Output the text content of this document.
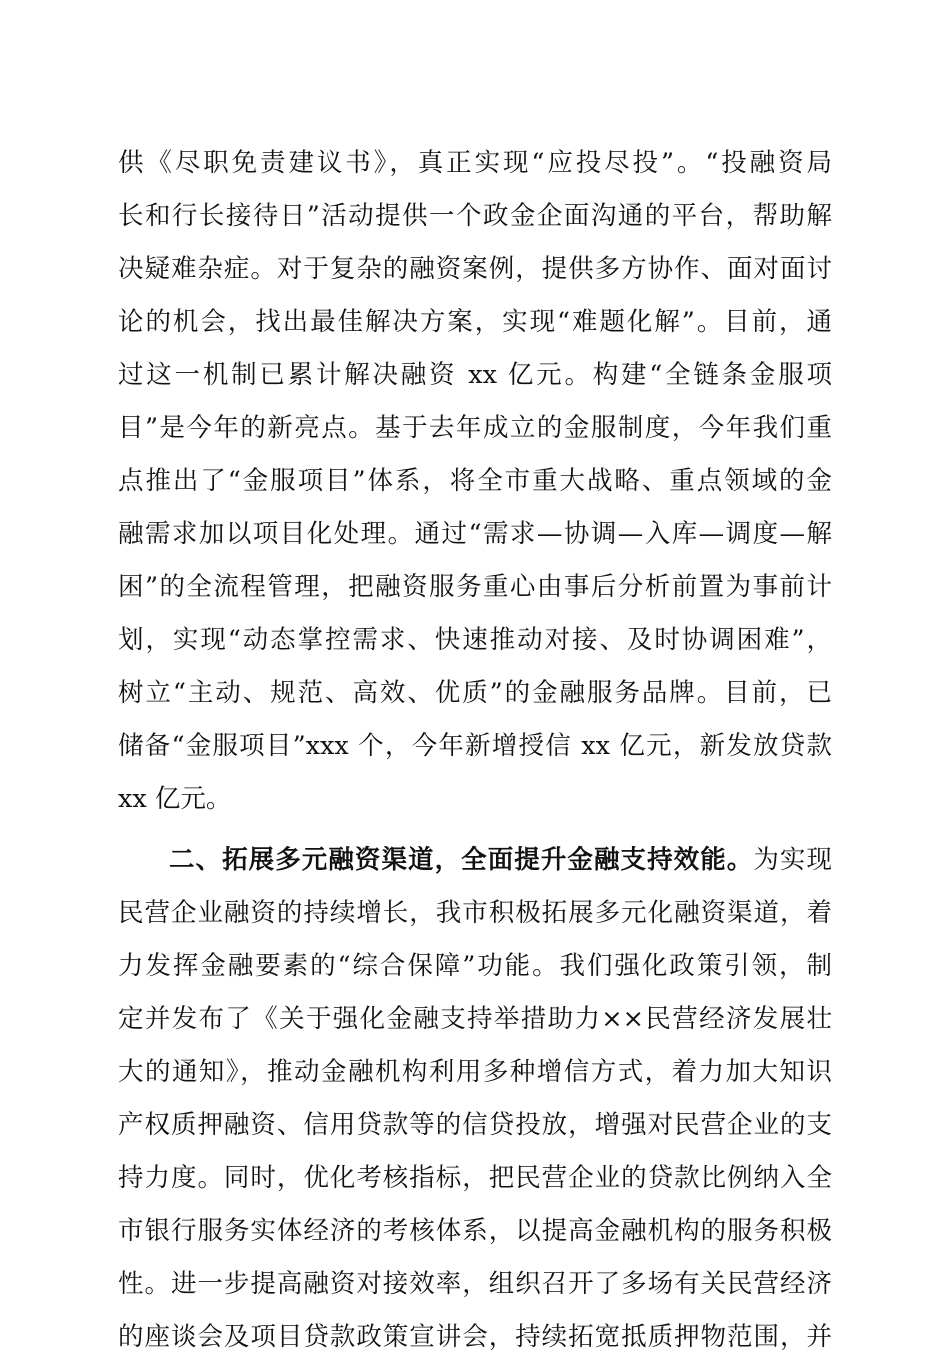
供《尽职免责建议书》，真正实现“应投尽投”。“投融资局
长和行长接待日”活动提供一个政金企面沟通的平台，帮助解
决疑难杂症。对于复杂的融资案例，提供多方协作、面对面讨
论的机会，找出最佳解决方案，实现“难题化解”。目前，通
过这一机制已累计解决融资 xx 亿元。构建“全链条金服项
目”是今年的新亮点。基于去年成立的金服制度，今年我们重
点推出了“金服项目”体系，将全市重大战略、重点领域的金
融需求加以项目化处理。通过“需求—协调—入库—调度—解
困”的全流程管理，把融资服务重心由事后分析前置为事前计
划，实现“动态掌控需求、快速推动对接、及时协调困难”，
树立“主动、规范、高效、优质”的金融服务品牌。目前，已
储备“金服项目”xxx 个，今年新增授信 xx 亿元，新发放贷款
xx 亿元。
二、拓展多元融资渠道，全面提升金融支持效能。为实现
民营企业融资的持续增长，我市积极拓展多元化融资渠道，着
力发挥金融要素的“综合保障”功能。我们强化政策引领，制
定并发布了《关于强化金融支持举措助力××民营经济发展壮
大的通知》，推动金融机构利用多种增信方式，着力加大知识
产权质押融资、信用贷款等的信贷投放，增强对民营企业的支
持力度。同时，优化考核指标，把民营企业的贷款比例纳入全
市银行服务实体经济的考核体系，以提高金融机构的服务积极
性。进一步提高融资对接效率，组织召开了多场有关民营经济
的座谈会及项目贷款政策宣讲会，持续拓宽抵质押物范围，并
